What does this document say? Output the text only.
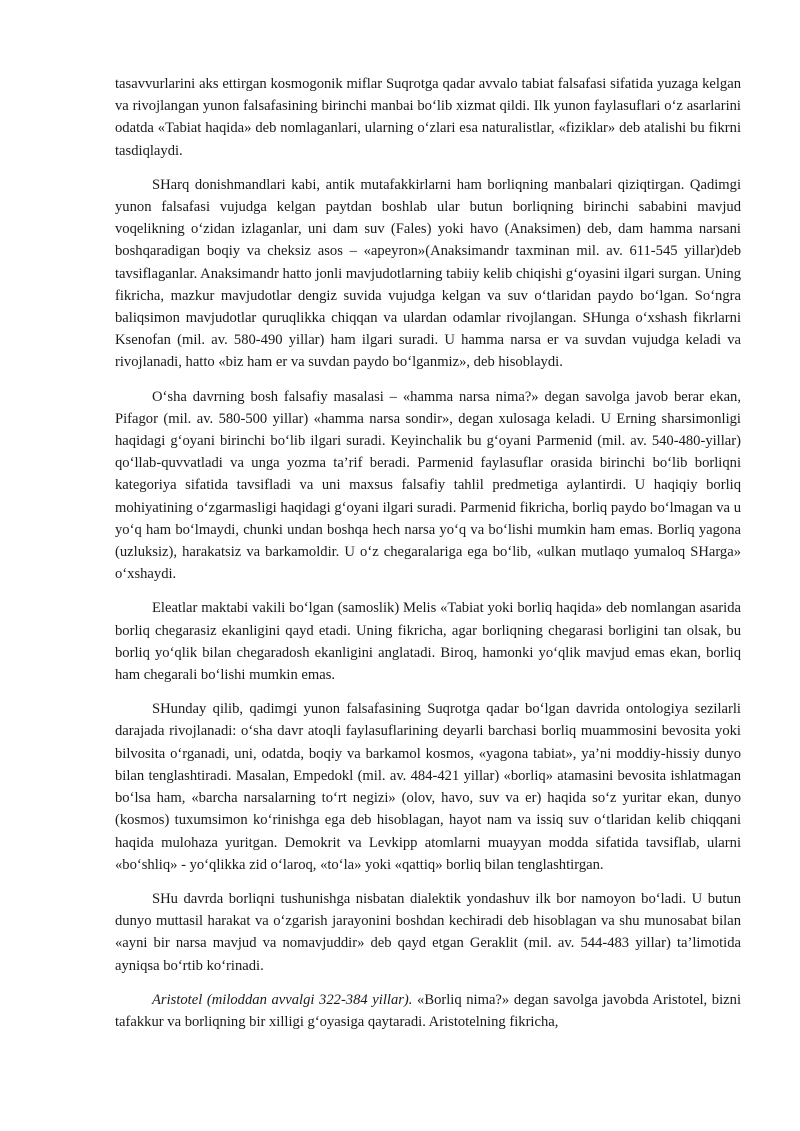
tasavvurlarini aks ettirgan kosmogonik miflar Suqrotga qadar avvalo tabiat falsafasi sifatida yuzaga kelgan va rivojlangan yunon falsafasining birinchi manbai bo‘lib xizmat qildi. Ilk yunon faylasuflari o‘z asarlarini odatda «Tabiat haqida» deb nomlaganlari, ularning o‘zlari esa naturalistlar, «fiziklar» deb atalishi bu fikrni tasdiqlaydi.

SHarq donishmandlari kabi, antik mutafakkirlarni ham borliqning manbalari qiziqtirgan. Qadimgi yunon falsafasi vujudga kelgan paytdan boshlab ular butun borliqning birinchi sababini mavjud voqelikning o‘zidan izlaganlar, uni dam suv (Fales) yoki havo (Anaksimen) deb, dam hamma narsani boshqaradigan boqiy va cheksiz asos – «apeyron»(Anaksimandr taxminan mil. av. 611-545 yillar)deb tavsiflaganlar. Anaksimandr hatto jonli mavjudotlarning tabiiy kelib chiqishi g‘oyasini ilgari surgan. Uning fikricha, mazkur mavjudotlar dengiz suvida vujudga kelgan va suv o‘tlaridan paydo bo‘lgan. So‘ngra baliqsimon mavjudotlar quruqlikka chiqqan va ulardan odamlar rivojlangan. SHunga o‘xshash fikrlarni Ksenofan (mil. av. 580-490 yillar) ham ilgari suradi. U hamma narsa er va suvdan vujudga keladi va rivojlanadi, hatto «biz ham er va suvdan paydo bo‘lganmiz», deb hisoblaydi.

O‘sha davrning bosh falsafiy masalasi – «hamma narsa nima?» degan savolga javob berar ekan, Pifagor (mil. av. 580-500 yillar) «hamma narsa sondir», degan xulosaga keladi. U Erning sharsimonligi haqidagi g‘oyani birinchi bo‘lib ilgari suradi. Keyinchalik bu g‘oyani Parmenid (mil. av. 540-480-yillar) qo‘llab-quvvatladi va unga yozma ta’rif beradi. Parmenid faylasuflar orasida birinchi bo‘lib borliqni kategoriya sifatida tavsifladi va uni maxsus falsafiy tahlil predmetiga aylantirdi. U haqiqiy borliq mohiyatining o‘zgarmasligi haqidagi g‘oyani ilgari suradi. Parmenid fikricha, borliq paydo bo‘lmagan va u yo‘q ham bo‘lmaydi, chunki undan boshqa hech narsa yo‘q va bo‘lishi mumkin ham emas. Borliq yagona (uzluksiz), harakatsiz va barkamoldir. U o‘z chegaralariga ega bo‘lib, «ulkan mutlaqo yumaloq SHarga» o‘xshaydi.

Eleatlar maktabi vakili bo‘lgan (samoslik) Melis «Tabiat yoki borliq haqida» deb nomlangan asarida borliq chegarasiz ekanligini qayd etadi. Uning fikricha, agar borliqning chegarasi borligini tan olsak, bu borliq yo‘qlik bilan chegaradosh ekanligini anglatadi. Biroq, hamonki yo‘qlik mavjud emas ekan, borliq ham chegarali bo‘lishi mumkin emas.

SHunday qilib, qadimgi yunon falsafasining Suqrotga qadar bo‘lgan davrida ontologiya sezilarli darajada rivojlanadi: o‘sha davr atoqli faylasuflarining deyarli barchasi borliq muammosini bevosita yoki bilvosita o‘rganadi, uni, odatda, boqiy va barkamol kosmos, «yagona tabiat», ya’ni moddiy-hissiy dunyo bilan tenglashtiradi. Masalan, Empedokl (mil. av. 484-421 yillar) «borliq» atamasini bevosita ishlatmagan bo‘lsa ham, «barcha narsalarning to‘rt negizi» (olov, havo, suv va er) haqida so‘z yuritar ekan, dunyo (kosmos) tuxumsimon ko‘rinishga ega deb hisoblagan, hayot nam va issiq suv o‘tlaridan kelib chiqqani haqida mulohaza yuritgan. Demokrit va Levkipp atomlarni muayyan modda sifatida tavsiflab, ularni «bo‘shliq» - yo‘qlikka zid o‘laroq, «to‘la» yoki «qattiq» borliq bilan tenglashtirgan.

SHu davrda borliqni tushunishga nisbatan dialektik yondashuv ilk bor namoyon bo‘ladi. U butun dunyo muttasil harakat va o‘zgarish jarayonini boshdan kechiradi deb hisoblagan va shu munosabat bilan «ayni bir narsa mavjud va nomavjuddir» deb qayd etgan Geraklit (mil. av. 544-483 yillar) ta’limotida ayniqsa bo‘rtib ko‘rinadi.

Aristotel (miloddan avvalgi 322-384 yillar). «Borliq nima?» degan savolga javobda Aristotel, bizni tafakkur va borliqning bir xilligi g‘oyasiga qaytaradi. Aristotelning fikricha,
